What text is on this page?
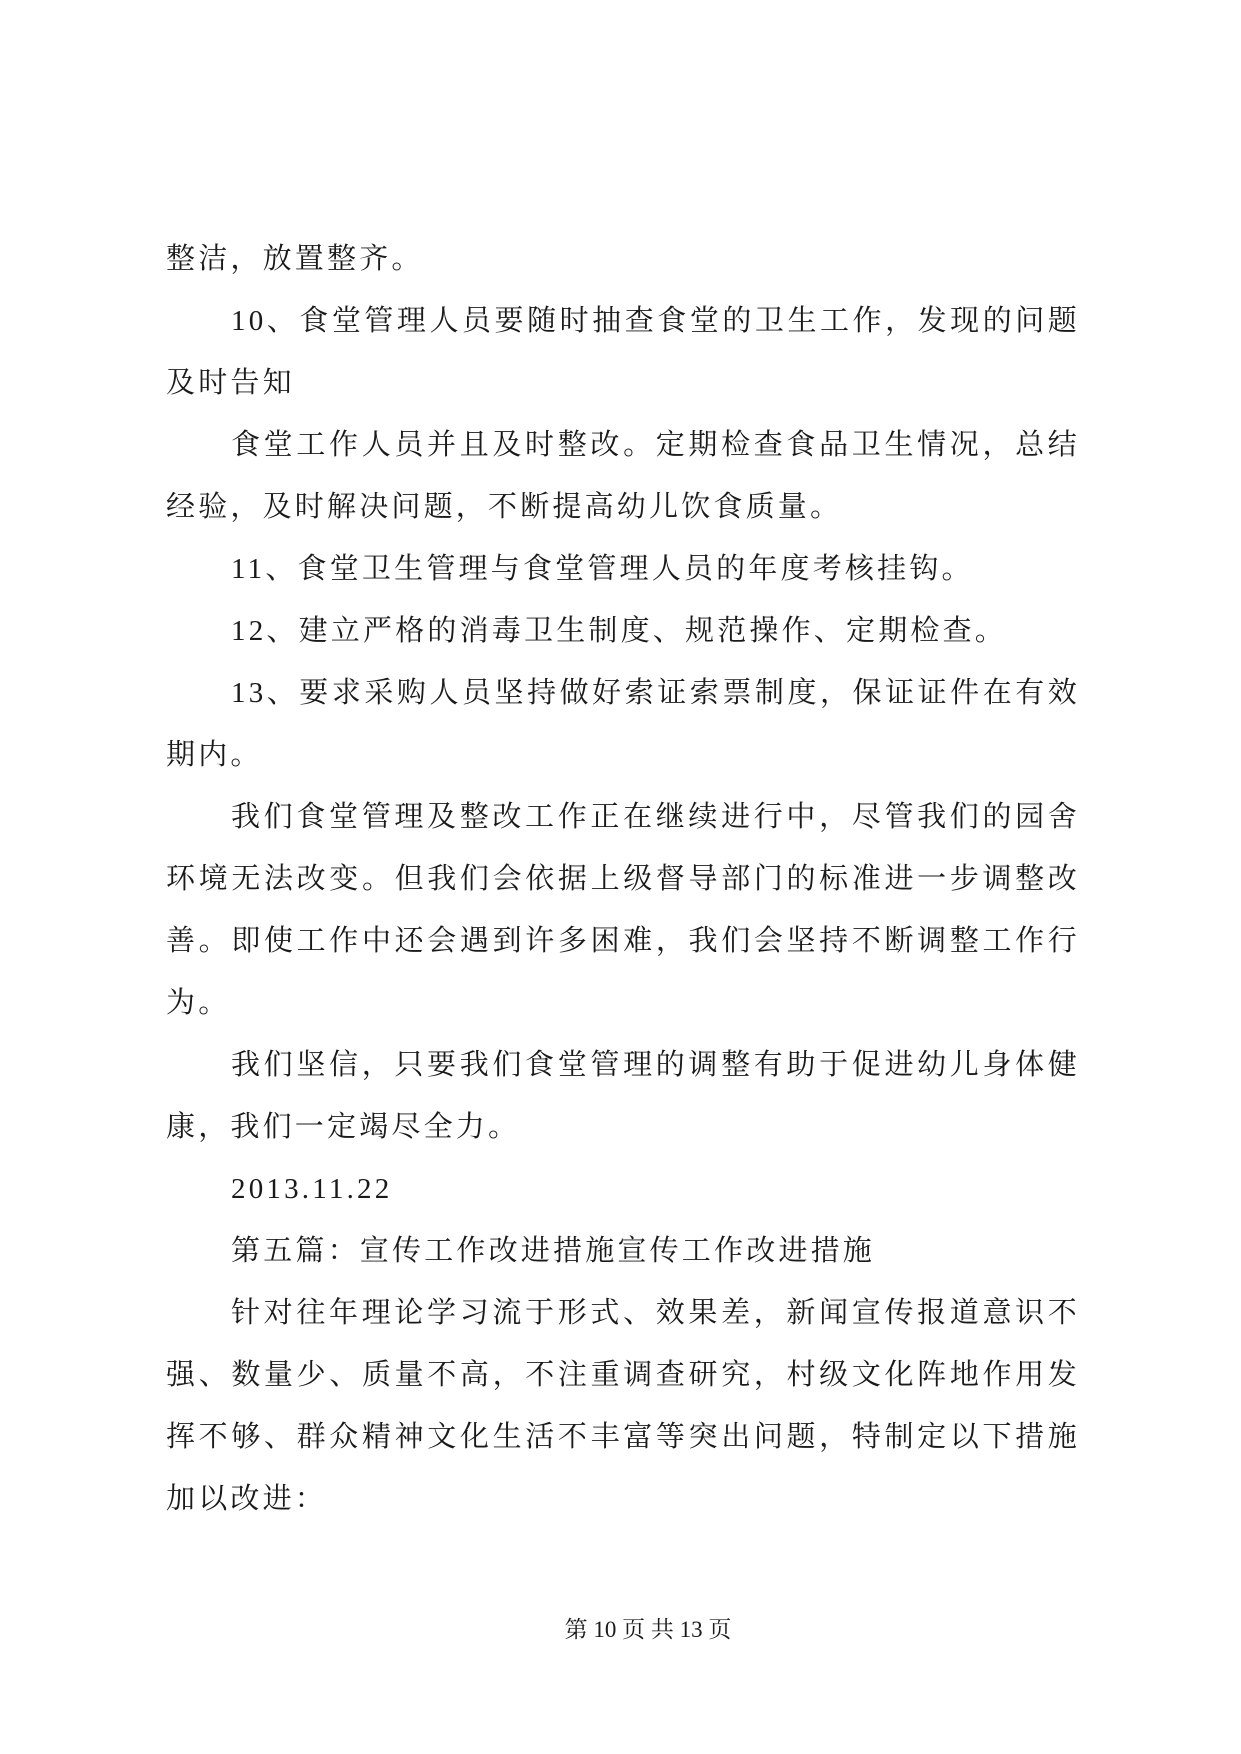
整洁，放置整齐。
10、食堂管理人员要随时抽查食堂的卫生工作，发现的问题
及时告知
食堂工作人员并且及时整改。定期检查食品卫生情况，总结
经验，及时解决问题，不断提高幼儿饮食质量。
11、食堂卫生管理与食堂管理人员的年度考核挂钩。
12、建立严格的消毒卫生制度、规范操作、定期检查。
13、要求采购人员坚持做好索证索票制度，保证证件在有效
期内。
我们食堂管理及整改工作正在继续进行中，尽管我们的园舍
环境无法改变。但我们会依据上级督导部门的标准进一步调整改
善。即使工作中还会遇到许多困难，我们会坚持不断调整工作行
为。
我们坚信，只要我们食堂管理的调整有助于促进幼儿身体健
康，我们一定竭尽全力。
2013.11.22
第五篇：宣传工作改进措施宣传工作改进措施
针对往年理论学习流于形式、效果差，新闻宣传报道意识不
强、数量少、质量不高，不注重调查研究，村级文化阵地作用发
挥不够、群众精神文化生活不丰富等突出问题，特制定以下措施
加以改进：
第 10 页 共 13 页
